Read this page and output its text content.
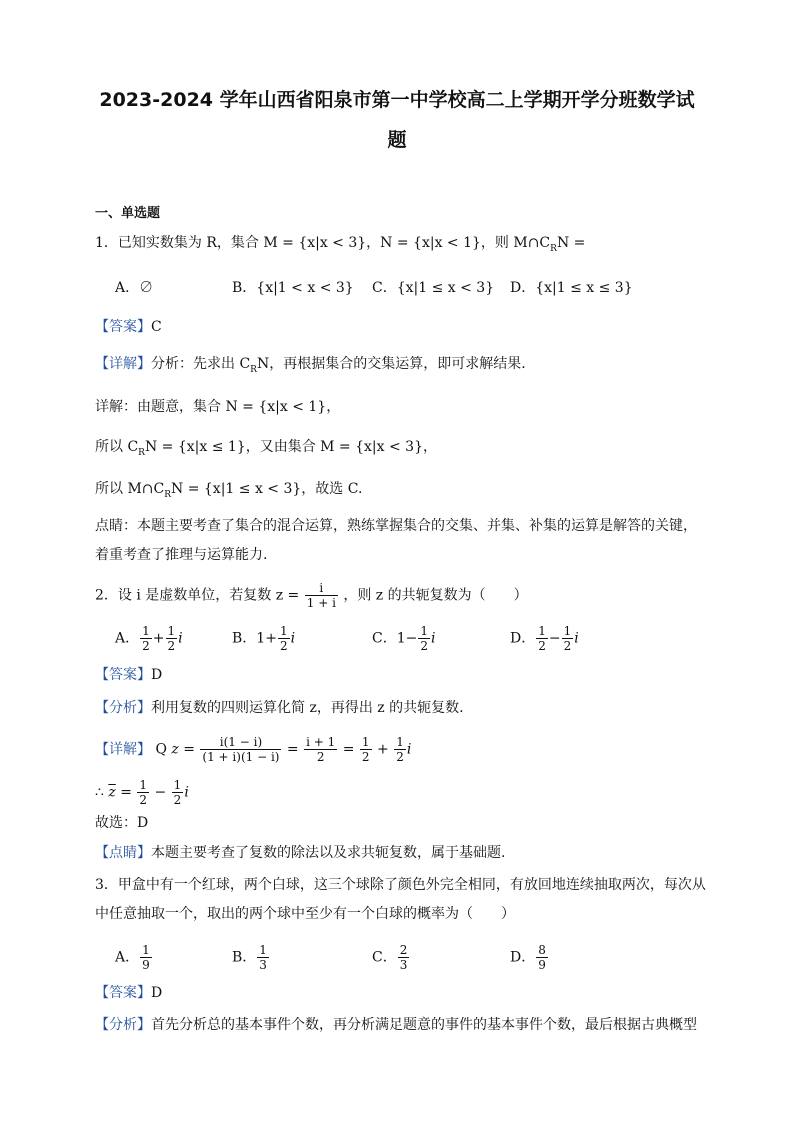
2023-2024 学年山西省阳泉市第一中学校高二上学期开学分班数学试
题
一、单选题
1．已知实数集为 R，集合 M = {x|x < 3}，N = {x|x < 1}，则 $M\cap C_RN$ =
A．∅	B．{x|1 < x < 3} C．{x|1 ≤ x < 3} D．{x|1 ≤ x ≤ 3}
【 答案 】 C
【 详解 】 分析：先求出 $C_RN$，再根据集合的交集运算，即可求解结果.
详解：由题意，集合 N = {x|x < 1}，
所以 $C_RN = \{x|x \le 1\}$，又由集合 M = {x|x < 3}，
所以 $M\cap C_RN = \{x|1 \le x < 3\}$，故选 C.
点睛：本题主要考查了集合的混合运算，熟练掌握集合的交集、并集、补集的运算是解答的关键，
着重考查了推理与运算能力.
2．设 i 是虚数单位，若复数 $z = \frac{i}{1 + i}$ ，则 z 的共轭复数为（　　）
A． $\frac{1}{2} + \frac{1}{2}$ i	B．$1+ \frac{1}{2}$ i	C．$1- \frac{1}{2}$ i	D． $\frac{1}{2} - \frac{1}{2}$ i
【 答案 】 D
【 分析 】 利用复数的四则运算化简 z，再得出 z 的共轭复数.
【 详解 】 Q $z = \frac{i(1 - i)}{(1 + i)(1 - i)} = \frac{i + 1}{2} = \frac{1}{2} + \frac{1}{2}$ i
∴ $\overline{z} = \frac{1}{2} - \frac{1}{2}$ i
故选：D
【 点睛 】 本题主要考查了复数的除法以及求共轭复数，属于基础题.
3．甲盒中有一个红球，两个白球，这三个球除了颜色外完全相同，有放回地连续抽取两次，每次从
中任意抽取一个，取出的两个球中至少有一个白球的概率为（　　）
A． $\frac{1}{9}$	B． $\frac{1}{3}$	C． $\frac{2}{3}$	D． $\frac{8}{9}$
【 答案 】 D
【 分析 】 首先分析总的基本事件个数，再分析满足题意的事件的基本事件个数，最后根据古典概型
